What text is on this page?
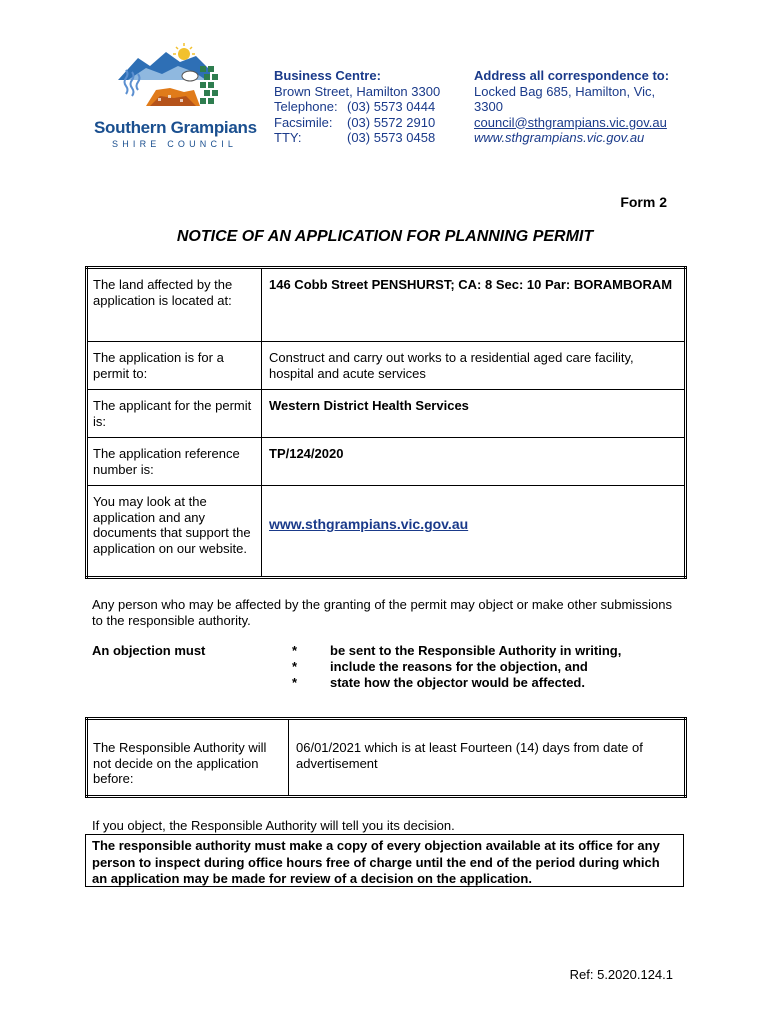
Southern Grampians
SHIRE COUNCIL
Business Centre:
Brown Street, Hamilton 3300
Telephone: (03) 5573 0444
Facsimile:	(03) 5572 2910
TTY:	(03) 5573 0458
Address all correspondence to:
Locked Bag 685, Hamilton, Vic,
3300
council@sthgrampians.vic.gov.au
www.sthgrampians.vic.gov.au
Form 2
NOTICE OF AN APPLICATION FOR PLANNING PERMIT
The land affected by the application is located at:	146 Cobb Street PENSHURST; CA: 8 Sec: 10 Par: BORAMBORAM
The application is for a permit to:	Construct and carry out works to a residential aged care facility, hospital and acute services
The applicant for the permit is:	Western District Health Services
The application reference number is:	TP/124/2020
You may look at the application and any documents that support the application on our website.	www.sthgrampians.vic.gov.au
Any person who may be affected by the granting of the permit may object or make other submissions to the responsible authority.
An objection must	*	be sent to the Responsible Authority in writing,
*	include the reasons for the objection, and
*	state how the objector would be affected.
The Responsible Authority will not decide on the application before:	06/01/2021 which is at least Fourteen (14) days from date of advertisement
If you object, the Responsible Authority will tell you its decision.
The responsible authority must make a copy of every objection available at its office for any person to inspect during office hours free of charge until the end of the period during which an application may be made for review of a decision on the application.
Ref: 5.2020.124.1
